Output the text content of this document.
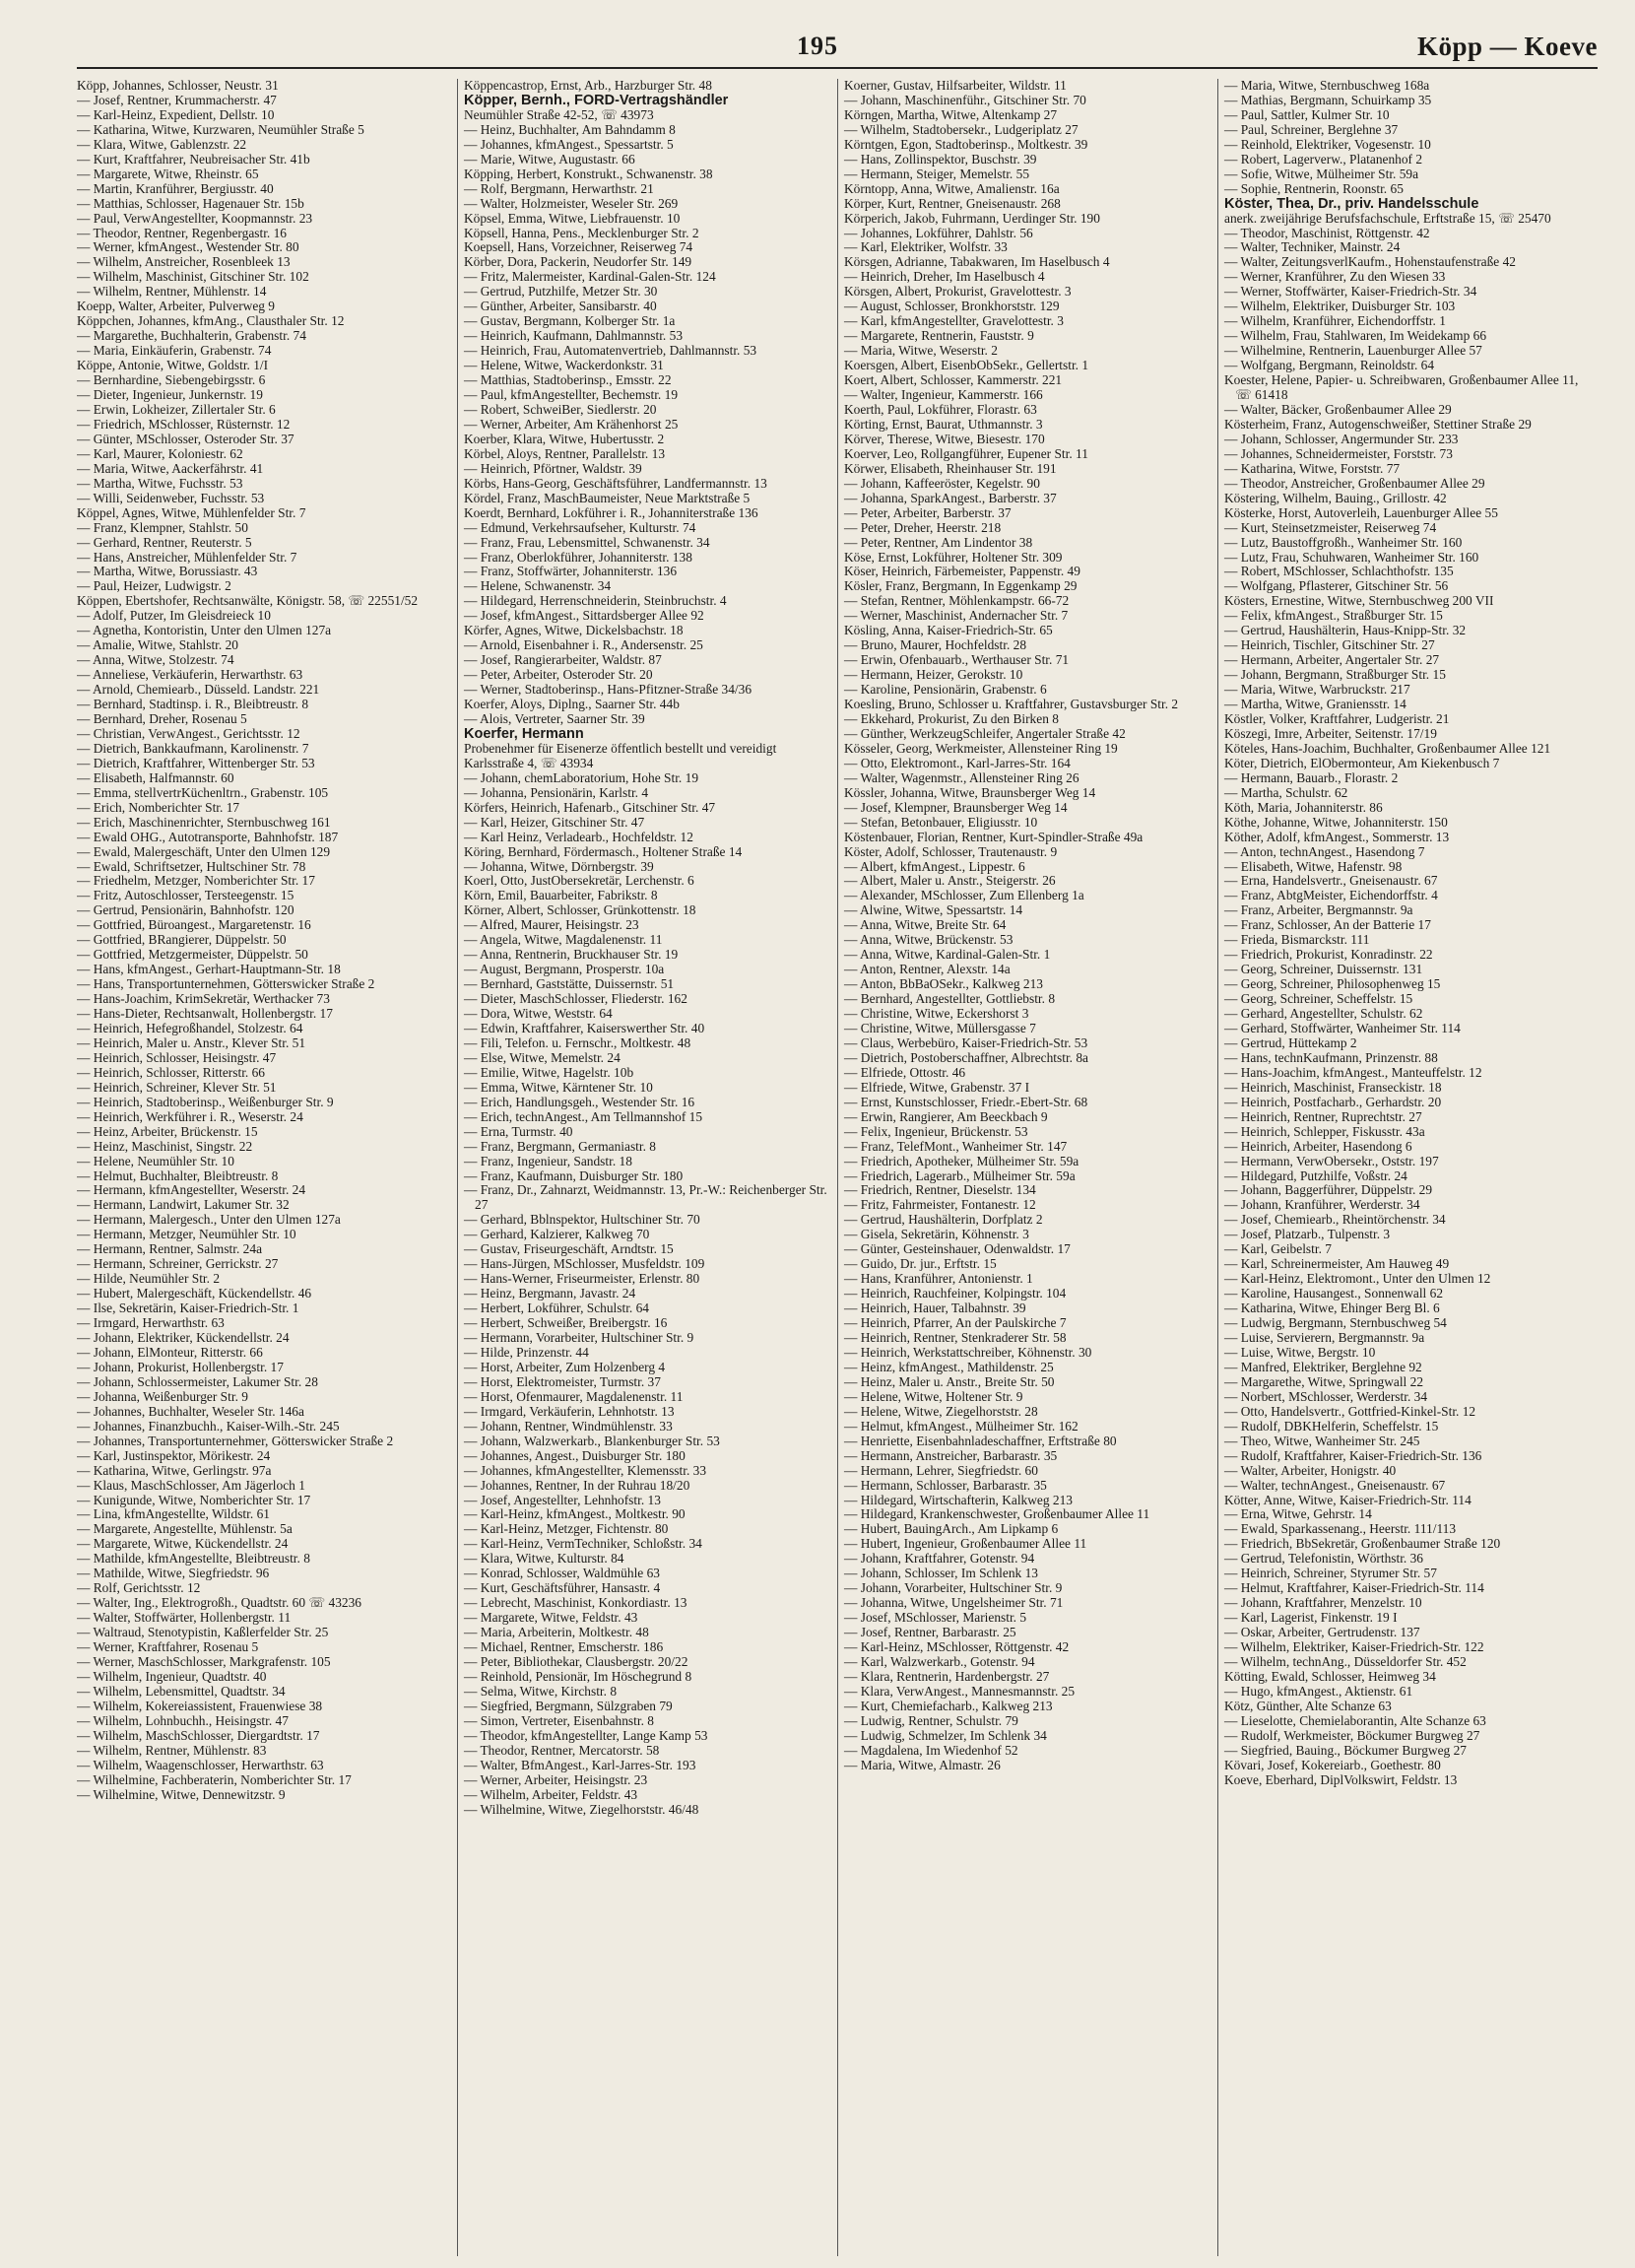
195	Köpp — Koeve
Köpp, Johannes, Schlosser, Neustr. 31
— Josef, Rentner, Krummacherstr. 47
— Karl-Heinz, Expedient, Dellstr. 10
— Katharina, Witwe, Kurzwaren, Neumühler Straße 5
— Klara, Witwe, Gablenzstr. 22
— Kurt, Kraftfahrer, Neubreisacher Str. 41b
— Margarete, Witwe, Rheinstr. 65
— Martin, Kranführer, Bergiusstr. 40
— Matthias, Schlosser, Hagenauer Str. 15b
— Paul, VerwAngestellter, Koopmannstr. 23
— Theodor, Rentner, Regenbergastr. 16
— Werner, kfmAngest., Westender Str. 80
— Wilhelm, Anstreicher, Rosenbleek 13
— Wilhelm, Maschinist, Gitschiner Str. 102
— Wilhelm, Rentner, Mühlenstr. 14
Koepp, Walter, Arbeiter, Pulverweg 9
Köppchen, Johannes, kfmAng., Clausthaler Str. 12
— Margarethe, Buchhalterin, Grabenstr. 74
— Maria, Einkäuferin, Grabenstr. 74
Köppe, Antonie, Witwe, Goldstr. 1/I
— Bernhardine, Siebengebirgsstr. 6
— Dieter, Ingenieur, Junkernstr. 19
— Erwin, Lokheizer, Zillertaler Str. 6
— Friedrich, MSchlosser, Rüsternstr. 12
— Günter, MSchlosser, Osteroder Str. 37
— Karl, Maurer, Koloniestr. 62
— Maria, Witwe, Aackerfährstr. 41
— Martha, Witwe, Fuchsstr. 53
— Willi, Seidenweber, Fuchsstr. 53
Köppel, Agnes, Witwe, Mühlenfelder Str. 7
— Franz, Klempner, Stahlstr. 50
— Gerhard, Rentner, Reuterstr. 5
— Hans, Anstreicher, Mühlenfelder Str. 7
— Martha, Witwe, Borussiastr. 43
— Paul, Heizer, Ludwigstr. 2
Köppen, Ebertshofer, Rechtsanwälte, Königstr. 58, ☏ 22551/52
— Adolf, Putzer, Im Gleisdreieck 10
— Agnetha, Kontoristin, Unter den Ulmen 127a
— Amalie, Witwe, Stahlstr. 20
— Anna, Witwe, Stolzestr. 74
— Anneliese, Verkäuferin, Herwarthstr. 63
— Arnold, Chemiearb., Düsseld. Landstr. 221
— Bernhard, Stadtinsp. i. R., Bleibtreustr. 8
— Bernhard, Dreher, Rosenau 5
— Christian, VerwAngest., Gerichtsstr. 12
— Dietrich, Bankkaufmann, Karolinenstr. 7
— Dietrich, Kraftfahrer, Wittenberger Str. 53
— Elisabeth, Halfmannstr. 60
— Emma, stellvertrKüchenltrn., Grabenstr. 105
— Erich, Nomberichter Str. 17
— Erich, Maschinenrichter, Sternbuschweg 161
— Ewald OHG., Autotransporte, Bahnhofstr. 187
— Ewald, Malergeschäft, Unter den Ulmen 129
— Ewald, Schriftsetzer, Hultschiner Str. 78
— Friedhelm, Metzger, Nomberichter Str. 17
— Fritz, Autoschlosser, Tersteegenstr. 15
— Gertrud, Pensionärin, Bahnhofstr. 120
— Gottfried, Büroangest., Margaretenstr. 16
— Gottfried, BRangierer, Düppelstr. 50
— Gottfried, Metzgermeister, Düppelstr. 50
— Hans, kfmAngest., Gerhart-Hauptmann-Str. 18
— Hans, Transportunternehmen, Götterswicker Straße 2
— Hans-Joachim, KrimSekretär, Werthacker 73
— Hans-Dieter, Rechtsanwalt, Hollenbergstr. 17
— Heinrich, Hefegroßhandel, Stolzestr. 64
— Heinrich, Maler u. Anstr., Klever Str. 51
— Heinrich, Schlosser, Heisingstr. 47
— Heinrich, Schlosser, Ritterstr. 66
— Heinrich, Schreiner, Klever Str. 51
— Heinrich, Stadtoberinsp., Weißenburger Str. 9
— Heinrich, Werkführer i. R., Weserstr. 24
— Heinz, Arbeiter, Brückenstr. 15
— Heinz, Maschinist, Singstr. 22
— Helene, Neumühler Str. 10
— Helmut, Buchhalter, Bleibtreustr. 8
— Hermann, kfmAngestellter, Weserstr. 24
— Hermann, Landwirt, Lakumer Str. 32
— Hermann, Malergesch., Unter den Ulmen 127a
— Hermann, Metzger, Neumühler Str. 10
— Hermann, Rentner, Salmstr. 24a
— Hermann, Schreiner, Gerrickstr. 27
— Hilde, Neumühler Str. 2
— Hubert, Malergeschäft, Kückendellstr. 46
— Ilse, Sekretärin, Kaiser-Friedrich-Str. 1
— Irmgard, Herwarthstr. 63
— Johann, Elektriker, Kückendellstr. 24
— Johann, ElMonteur, Ritterstr. 66
— Johann, Prokurist, Hollenbergstr. 17
— Johann, Schlossermeister, Lakumer Str. 28
— Johanna, Weißenburger Str. 9
— Johannes, Buchhalter, Weseler Str. 146a
— Johannes, Finanzbuchh., Kaiser-Wilh.-Str. 245
— Johannes, Transportunternehmer, Götterswicker Straße 2
— Karl, Justinspektor, Mörikestr. 24
— Katharina, Witwe, Gerlingstr. 97a
— Klaus, MaschSchlosser, Am Jägerloch 1
— Kunigunde, Witwe, Nomberichter Str. 17
— Lina, kfmAngestellte, Wildstr. 61
— Margarete, Angestellte, Mühlenstr. 5a
— Margarete, Witwe, Kückendellstr. 24
— Mathilde, kfmAngestellte, Bleibtreustr. 8
— Mathilde, Witwe, Siegfriedstr. 96
— Rolf, Gerichtsstr. 12
— Walter, Ing., Elektrogroßh., Quadtstr. 60 ☏ 43236
— Walter, Stoffwärter, Hollenbergstr. 11
— Waltraud, Stenotypistin, Kaßlerfelder Str. 25
— Werner, Kraftfahrer, Rosenau 5
— Werner, MaschSchlosser, Markgrafenstr. 105
— Wilhelm, Ingenieur, Quadtstr. 40
— Wilhelm, Lebensmittel, Quadtstr. 34
— Wilhelm, Kokereiassistent, Frauenwiese 38
— Wilhelm, Lohnbuchh., Heisingstr. 47
— Wilhelm, MaschSchlosser, Diergardtstr. 17
— Wilhelm, Rentner, Mühlenstr. 83
— Wilhelm, Waagenschlosser, Herwarthstr. 63
— Wilhelmine, Fachberaterin, Nomberichter Str. 17
— Wilhelmine, Witwe, Dennewitzstr. 9
Köppencastrop, Ernst, Arb., Harzburger Str. 48
Köpper, Bernh., FORD-Vertragshändler
Neumühler Straße 42-52, ☏ 43973
— Heinz, Buchhalter, Am Bahndamm 8
— Johannes, kfmAngest., Spessartstr. 5
— Marie, Witwe, Augustastr. 66
Köpping, Herbert, Konstrukt., Schwanenstr. 38
— Rolf, Bergmann, Herwarthstr. 21
— Walter, Holzmeister, Weseler Str. 269
Köpsel, Emma, Witwe, Liebfrauenstr. 10
Köpsell, Hanna, Pens., Mecklenburger Str. 2
Koepsell, Hans, Vorzeichner, Reiserweg 74
Körber, Dora, Packerin, Neudorfer Str. 149
— Fritz, Malermeister, Kardinal-Galen-Str. 124
— Gertrud, Putzhilfe, Metzer Str. 30
— Günther, Arbeiter, Sansibarstr. 40
— Gustav, Bergmann, Kolberger Str. 1a
— Heinrich, Kaufmann, Dahlmannstr. 53
— Heinrich, Frau, Automatenvertrieb, Dahlmannstr. 53
— Helene, Witwe, Wackerdonkstr. 31
— Matthias, Stadtoberinsp., Emsstr. 22
— Paul, kfmAngestellter, Bechemstr. 19
— Robert, SchweiBer, Siedlerstr. 20
— Werner, Arbeiter, Am Krähenhorst 25
Koerber, Klara, Witwe, Hubertusstr. 2
Körbel, Aloys, Rentner, Parallelstr. 13
— Heinrich, Pförtner, Waldstr. 39
Körbs, Hans-Georg, Geschäftsführer, Landfermannstr. 13
Kördel, Franz, MaschBaumeister, Neue Marktstraße 5
Koerdt, Bernhard, Lokführer i. R., Johanniterstraße 136
— Edmund, Verkehrsaufseher, Kulturstr. 74
— Franz, Frau, Lebensmittel, Schwanenstr. 34
— Franz, Oberlokführer, Johanniterstr. 138
— Franz, Stoffwärter, Johanniterstr. 136
— Helene, Schwanenstr. 34
— Hildegard, Herrenschneiderin, Steinbruchstr. 4
— Josef, kfmAngest., Sittardsberger Allee 92
Körfer, Agnes, Witwe, Dickelsbachstr. 18
— Arnold, Eisenbahner i. R., Andersenstr. 25
— Josef, Rangierarbeiter, Waldstr. 87
— Peter, Arbeiter, Osteroder Str. 20
— Werner, Stadtoberinsp., Hans-Pfitzner-Straße 34/36
Koerfer, Aloys, Diplng., Saarner Str. 44b
— Alois, Vertreter, Saarner Str. 39
Koerfer, Hermann
Probenehmer für Eisenerze öffentlich bestellt und vereidigt
Karlsstraße 4, ☏ 43934
— Johann, chemLaboratorium, Hohe Str. 19
— Johanna, Pensionärin, Karlstr. 4
Körfers, Heinrich, Hafenarb., Gitschiner Str. 47
— Karl, Heizer, Gitschiner Str. 47
— Karl Heinz, Verladearb., Hochfeldstr. 12
Köring, Bernhard, Fördermasch., Holtener Straße 14
— Johanna, Witwe, Dörnbergstr. 39
Koerl, Otto, JustObersekretär, Lerchenstr. 6
Körn, Emil, Bauarbeiter, Fabrikstr. 8
Körner, Albert, Schlosser, Grünkottenstr. 18
— Alfred, Maurer, Heisingstr. 23
— Angela, Witwe, Magdalenenstr. 11
— Anna, Rentnerin, Bruckhauser Str. 19
— August, Bergmann, Prosperstr. 10a
— Bernhard, Gaststätte, Duissernstr. 51
— Dieter, MaschSchlosser, Fliederstr. 162
— Dora, Witwe, Weststr. 64
— Edwin, Kraftfahrer, Kaiserswerther Str. 40
— Fili, Telefon. u. Fernschr., Moltkestr. 48
— Else, Witwe, Memelstr. 24
— Emilie, Witwe, Hagelstr. 10b
— Emma, Witwe, Kärntener Str. 10
— Erich, Handlungsgeh., Westender Str. 16
— Erich, technAngest., Am Tellmannshof 15
— Erna, Turmstr. 40
— Franz, Bergmann, Germaniastr. 8
— Franz, Ingenieur, Sandstr. 18
— Franz, Kaufmann, Duisburger Str. 180
— Franz, Dr., Zahnarzt, Weidmannstr. 13, Pr.-W.: Reichenberger Str. 27
— Gerhard, Bblnspektor, Hultschiner Str. 70
— Gerhard, Kalzierer, Kalkweg 70
— Gustav, Friseurgeschäft, Arndtstr. 15
— Hans-Jürgen, MSchlosser, Musfeldstr. 109
— Hans-Werner, Friseurmeister, Erlenstr. 80
— Heinz, Bergmann, Javastr. 24
— Herbert, Lokführer, Schulstr. 64
— Herbert, Schweißer, Breibergstr. 16
— Hermann, Vorarbeiter, Hultschiner Str. 9
— Hilde, Prinzenstr. 44
— Horst, Arbeiter, Zum Holzenberg 4
— Horst, Elektromeister, Turmstr. 37
— Horst, Ofenmaurer, Magdalenenstr. 11
— Irmgard, Verkäuferin, Lehnhotstr. 13
— Johann, Rentner, Windmühlenstr. 33
— Johann, Walzwerkarb., Blankenburger Str. 53
— Johannes, Angest., Duisburger Str. 180
— Johannes, kfmAngestellter, Klemensstr. 33
— Johannes, Rentner, In der Ruhrau 18/20
— Josef, Angestellter, Lehnhofstr. 13
— Karl-Heinz, kfmAngest., Moltkestr. 90
— Karl-Heinz, Metzger, Fichtenstr. 80
— Karl-Heinz, VermTechniker, Schloßstr. 34
— Klara, Witwe, Kulturstr. 84
— Konrad, Schlosser, Waldmühle 63
— Kurt, Geschäftsführer, Hansastr. 4
— Lebrecht, Maschinist, Konkordiastr. 13
— Margarete, Witwe, Feldstr. 43
— Maria, Arbeiterin, Moltkestr. 48
— Michael, Rentner, Emscherstr. 186
— Peter, Bibliothekar, Clausbergstr. 20/22
— Reinhold, Pensionär, Im Höschegrund 8
— Selma, Witwe, Kirchstr. 8
— Siegfried, Bergmann, Sülzgraben 79
— Simon, Vertreter, Eisenbahnstr. 8
— Theodor, kfmAngestellter, Lange Kamp 53
— Theodor, Rentner, Mercatorstr. 58
— Walter, BfmAngest., Karl-Jarres-Str. 193
— Werner, Arbeiter, Heisingstr. 23
— Wilhelm, Arbeiter, Feldstr. 43
— Wilhelmine, Witwe, Ziegelhorststr. 46/48
Koerner, Gustav, Hilfsarbeiter, Wildstr. 11
— Johann, Maschinenführ., Gitschiner Str. 70
Körngen, Martha, Witwe, Altenkamp 27
— Wilhelm, Stadtobersekr., Ludgeriplatz 27
Körntgen, Egon, Stadtoberinsp., Moltkestr. 39
— Hans, Zollinspektor, Buschstr. 39
— Hermann, Steiger, Memelstr. 55
Körntopp, Anna, Witwe, Amalienstr. 16a
Körper, Kurt, Rentner, Gneisenaustr. 268
Körperich, Jakob, Fuhrmann, Uerdinger Str. 190
— Johannes, Lokführer, Dahlstr. 56
— Karl, Elektriker, Wolfstr. 33
Körsgen, Adrianne, Tabakwaren, Im Haselbusch 4
— Heinrich, Dreher, Im Haselbusch 4
Körsgen, Albert, Prokurist, Gravelottestr. 3
— August, Schlosser, Bronkhorststr. 129
— Karl, kfmAngestellter, Gravelottestr. 3
— Margarete, Rentnerin, Fauststr. 9
— Maria, Witwe, Weserstr. 2
Koersgen, Albert, EisenbObSekr., Gellertstr. 1
Koert, Albert, Schlosser, Kammerstr. 221
— Walter, Ingenieur, Kammerstr. 166
Koerth, Paul, Lokführer, Florastr. 63
Körting, Ernst, Baurat, Uthmannstr. 3
Körver, Therese, Witwe, Biesestr. 170
Koerver, Leo, Rollgangführer, Eupener Str. 11
Körwer, Elisabeth, Rheinhauser Str. 191
— Johann, Kaffeeröster, Kegelstr. 90
— Johanna, SparkAngest., Barberstr. 37
— Peter, Arbeiter, Barberstr. 37
— Peter, Dreher, Heerstr. 218
— Peter, Rentner, Am Lindentor 38
Köse, Ernst, Lokführer, Holtener Str. 309
Köser, Heinrich, Färbemeister, Pappenstr. 49
Kösler, Franz, Bergmann, In Eggenkamp 29
— Stefan, Rentner, Möhlenkampstr. 66-72
— Werner, Maschinist, Andernacher Str. 7
Kösling, Anna, Kaiser-Friedrich-Str. 65
— Bruno, Maurer, Hochfeldstr. 28
— Erwin, Ofenbauarb., Werthauser Str. 71
— Hermann, Heizer, Gerokstr. 10
— Karoline, Pensionärin, Grabenstr. 6
Koesling, Bruno, Schlosser u. Kraftfahrer, Gustavsburger Str. 2
— Ekkehard, Prokurist, Zu den Birken 8
— Günther, WerkzeugSchleifer, Angertaler Straße 42
Kösseler, Georg, Werkmeister, Allensteiner Ring 19
— Otto, Elektromont., Karl-Jarres-Str. 164
— Walter, Wagenmstr., Allensteiner Ring 26
Kössler, Johanna, Witwe, Braunsberger Weg 14
— Josef, Klempner, Braunsberger Weg 14
— Stefan, Betonbauer, Eligiusstr. 10
Köstenbauer, Florian, Rentner, Kurt-Spindler-Straße 49a
Köster, Adolf, Schlosser, Trautenaustr. 9
— Albert, kfmAngest., Lippestr. 6
— Albert, Maler u. Anstr., Steigerstr. 26
— Alexander, MSchlosser, Zum Ellenberg 1a
— Alwine, Witwe, Spessartstr. 14
— Anna, Witwe, Breite Str. 64
— Anna, Witwe, Brückenstr. 53
— Anna, Witwe, Kardinal-Galen-Str. 1
— Anton, Rentner, Alexstr. 14a
— Anton, BbBaOSekr., Kalkweg 213
— Bernhard, Angestellter, Gottliebstr. 8
— Christine, Witwe, Eckershorst 3
— Christine, Witwe, Müllersgasse 7
— Claus, Werbebüro, Kaiser-Friedrich-Str. 53
— Dietrich, Postoberschaffner, Albrechtstr. 8a
— Elfriede, Ottostr. 46
— Elfriede, Witwe, Grabenstr. 37 I
— Ernst, Kunstschlosser, Friedr.-Ebert-Str. 68
— Erwin, Rangierer, Am Beeckbach 9
— Felix, Ingenieur, Brückenstr. 53
— Franz, TelefMont., Wanheimer Str. 147
— Friedrich, Apotheker, Mülheimer Str. 59a
— Friedrich, Lagerarb., Mülheimer Str. 59a
— Friedrich, Rentner, Dieselstr. 134
— Fritz, Fahrmeister, Fontanestr. 12
— Gertrud, Haushälterin, Dorfplatz 2
— Gisela, Sekretärin, Köhnenstr. 3
— Günter, Gesteinshauer, Odenwaldstr. 17
— Guido, Dr. jur., Erftstr. 15
— Hans, Kranführer, Antonienstr. 1
— Heinrich, Rauchfeiner, Kolpingstr. 104
— Heinrich, Hauer, Talbahnstr. 39
— Heinrich, Pfarrer, An der Paulskirche 7
— Heinrich, Rentner, Stenkraderer Str. 58
— Heinrich, Werkstattschreiber, Köhnenstr. 30
— Heinz, kfmAngest., Mathildenstr. 25
— Heinz, Maler u. Anstr., Breite Str. 50
— Helene, Witwe, Holtener Str. 9
— Helene, Witwe, Ziegelhorststr. 28
— Helmut, kfmAngest., Mülheimer Str. 162
— Henriette, Eisenbahnladeschaffner, Erftstraße 80
— Hermann, Anstreicher, Barbarastr. 35
— Hermann, Lehrer, Siegfriedstr. 60
— Hermann, Schlosser, Barbarastr. 35
— Hildegard, Wirtschafterin, Kalkweg 213
— Hildegard, Krankenschwester, Großenbaumer Allee 11
— Hubert, BauingArch., Am Lipkamp 6
— Hubert, Ingenieur, Großenbaumer Allee 11
— Johann, Kraftfahrer, Gotenstr. 94
— Johann, Schlosser, Im Schlenk 13
— Johann, Vorarbeiter, Hultschiner Str. 9
— Johanna, Witwe, Ungelsheimer Str. 71
— Josef, MSchlosser, Marienstr. 5
— Josef, Rentner, Barbarastr. 25
— Karl-Heinz, MSchlosser, Röttgenstr. 42
— Karl, Walzwerkarb., Gotenstr. 94
— Klara, Rentnerin, Hardenbergstr. 27
— Klara, VerwAngest., Mannesmannstr. 25
— Kurt, Chemiefacharb., Kalkweg 213
— Ludwig, Rentner, Schulstr. 79
— Ludwig, Schmelzer, Im Schlenk 34
— Magdalena, Im Wiedenhof 52
— Maria, Witwe, Almastr. 26
— Maria, Witwe, Sternbuschweg 168a
— Mathias, Bergmann, Schuirkamp 35
— Paul, Sattler, Kulmer Str. 10
— Paul, Schreiner, Berglehne 37
— Reinhold, Elektriker, Vogesenstr. 10
— Robert, Lagerverw., Platanenhof 2
— Sofie, Witwe, Mülheimer Str. 59a
— Sophie, Rentnerin, Roonstr. 65
Köster, Thea, Dr., priv. Handelsschule
anerk. zweijährige Berufsfachschule, Erftstraße 15, ☏ 25470
— Theodor, Maschinist, Röttgenstr. 42
— Walter, Techniker, Mainstr. 24
— Walter, ZeitungsverlKaufm., Hohenstaufenstraße 42
— Werner, Kranführer, Zu den Wiesen 33
— Werner, Stoffwärter, Kaiser-Friedrich-Str. 34
— Wilhelm, Elektriker, Duisburger Str. 103
— Wilhelm, Kranführer, Eichendorffstr. 1
— Wilhelm, Frau, Stahlwaren, Im Weidekamp 66
— Wilhelmine, Rentnerin, Lauenburger Allee 57
— Wolfgang, Bergmann, Reinoldstr. 64
Koester, Helene, Papier- u. Schreibwaren, Großenbaumer Allee 11, ☏ 61418
— Walter, Bäcker, Großenbaumer Allee 29
Kösterheim, Franz, Autogenschweißer, Stettiner Straße 29
— Johann, Schlosser, Angermunder Str. 233
— Johannes, Schneidermeister, Forststr. 73
— Katharina, Witwe, Forststr. 77
— Theodor, Anstreicher, Großenbaumer Allee 29
Köstering, Wilhelm, Bauing., Grillostr. 42
Kösterke, Horst, Autoverleih, Lauenburger Allee 55
— Kurt, Steinsetzmeister, Reiserweg 74
— Lutz, Baustoffgroßh., Wanheimer Str. 160
— Lutz, Frau, Schuhwaren, Wanheimer Str. 160
— Robert, MSchlosser, Schlachthofstr. 135
— Wolfgang, Pflasterer, Gitschiner Str. 56
Kösters, Ernestine, Witwe, Sternbuschweg 200 VII
— Felix, kfmAngest., Straßburger Str. 15
— Gertrud, Haushälterin, Haus-Knipp-Str. 32
— Heinrich, Tischler, Gitschiner Str. 27
— Hermann, Arbeiter, Angertaler Str. 27
— Johann, Bergmann, Straßburger Str. 15
— Maria, Witwe, Warbruckstr. 217
— Martha, Witwe, Graniensstr. 14
Köstler, Volker, Kraftfahrer, Ludgeristr. 21
Köszegi, Imre, Arbeiter, Seitenstr. 17/19
Köteles, Hans-Joachim, Buchhalter, Großenbaumer Allee 121
Köter, Dietrich, ElObermonteur, Am Kiekenbusch 7
— Hermann, Bauarb., Florastr. 2
— Martha, Schulstr. 62
Köth, Maria, Johanniterstr. 86
Köthe, Johanne, Witwe, Johanniterstr. 150
Köther, Adolf, kfmAngest., Sommerstr. 13
— Anton, technAngest., Hasendong 7
— Elisabeth, Witwe, Hafenstr. 98
— Erna, Handelsvertr., Gneisenaustr. 67
— Franz, AbtgMeister, Eichendorffstr. 4
— Franz, Arbeiter, Bergmannstr. 9a
— Franz, Schlosser, An der Batterie 17
— Frieda, Bismarckstr. 111
— Friedrich, Prokurist, Konradinstr. 22
— Georg, Schreiner, Duissernstr. 131
— Georg, Schreiner, Philosophenweg 15
— Georg, Schreiner, Scheffelstr. 15
— Gerhard, Angestellter, Schulstr. 62
— Gerhard, Stoffwärter, Wanheimer Str. 114
— Gertrud, Hüttekamp 2
— Hans, technKaufmann, Prinzenstr. 88
— Hans-Joachim, kfmAngest., Manteuffelstr. 12
— Heinrich, Maschinist, Franseckistr. 18
— Heinrich, Postfacharb., Gerhardstr. 20
— Heinrich, Rentner, Ruprechtstr. 27
— Heinrich, Schlepper, Fiskusstr. 43a
— Heinrich, Arbeiter, Hasendong 6
— Hermann, VerwObersekr., Oststr. 197
— Hildegard, Putzhilfe, Voßstr. 24
— Johann, Baggerführer, Düppelstr. 29
— Johann, Kranführer, Werderstr. 34
— Josef, Chemiearb., Rheintörchenstr. 34
— Josef, Platzarb., Tulpenstr. 3
— Karl, Geibelstr. 7
— Karl, Schreinermeister, Am Hauweg 49
— Karl-Heinz, Elektromont., Unter den Ulmen 12
— Karoline, Hausangest., Sonnenwall 62
— Katharina, Witwe, Ehinger Berg Bl. 6
— Ludwig, Bergmann, Sternbuschweg 54
— Luise, Servierern, Bergmannstr. 9a
— Luise, Witwe, Bergstr. 10
— Manfred, Elektriker, Berglehne 92
— Margarethe, Witwe, Springwall 22
— Norbert, MSchlosser, Werderstr. 34
— Otto, Handelsvertr., Gottfried-Kinkel-Str. 12
— Rudolf, DBKHelferin, Scheffelstr. 15
— Theo, Witwe, Wanheimer Str. 245
— Rudolf, Kraftfahrer, Kaiser-Friedrich-Str. 136
— Walter, Arbeiter, Honigstr. 40
— Walter, technAngest., Gneisenaustr. 67
Kötter, Anne, Witwe, Kaiser-Friedrich-Str. 114
— Erna, Witwe, Gehrstr. 14
— Ewald, Sparkassenang., Heerstr. 111/113
— Friedrich, BbSekretär, Großenbaumer Straße 120
— Gertrud, Telefonistin, Wörthstr. 36
— Heinrich, Schreiner, Styrumer Str. 57
— Helmut, Kraftfahrer, Kaiser-Friedrich-Str. 114
— Johann, Kraftfahrer, Menzelstr. 10
— Karl, Lagerist, Finkenstr. 19 I
— Oskar, Arbeiter, Gertrudenstr. 137
— Wilhelm, Elektriker, Kaiser-Friedrich-Str. 122
— Wilhelm, technAng., Düsseldorfer Str. 452
Kötting, Ewald, Schlosser, Heimweg 34
— Hugo, kfmAngest., Aktienstr. 61
Kötz, Günther, Alte Schanze 63
— Lieselotte, Chemielaborantin, Alte Schanze 63
— Rudolf, Werkmeister, Böckumer Burgweg 27
— Siegfried, Bauing., Böckumer Burgweg 27
Kövari, Josef, Kokereiarb., Goethestr. 80
Koeve, Eberhard, DiplVolkswirt, Feldstr. 13
